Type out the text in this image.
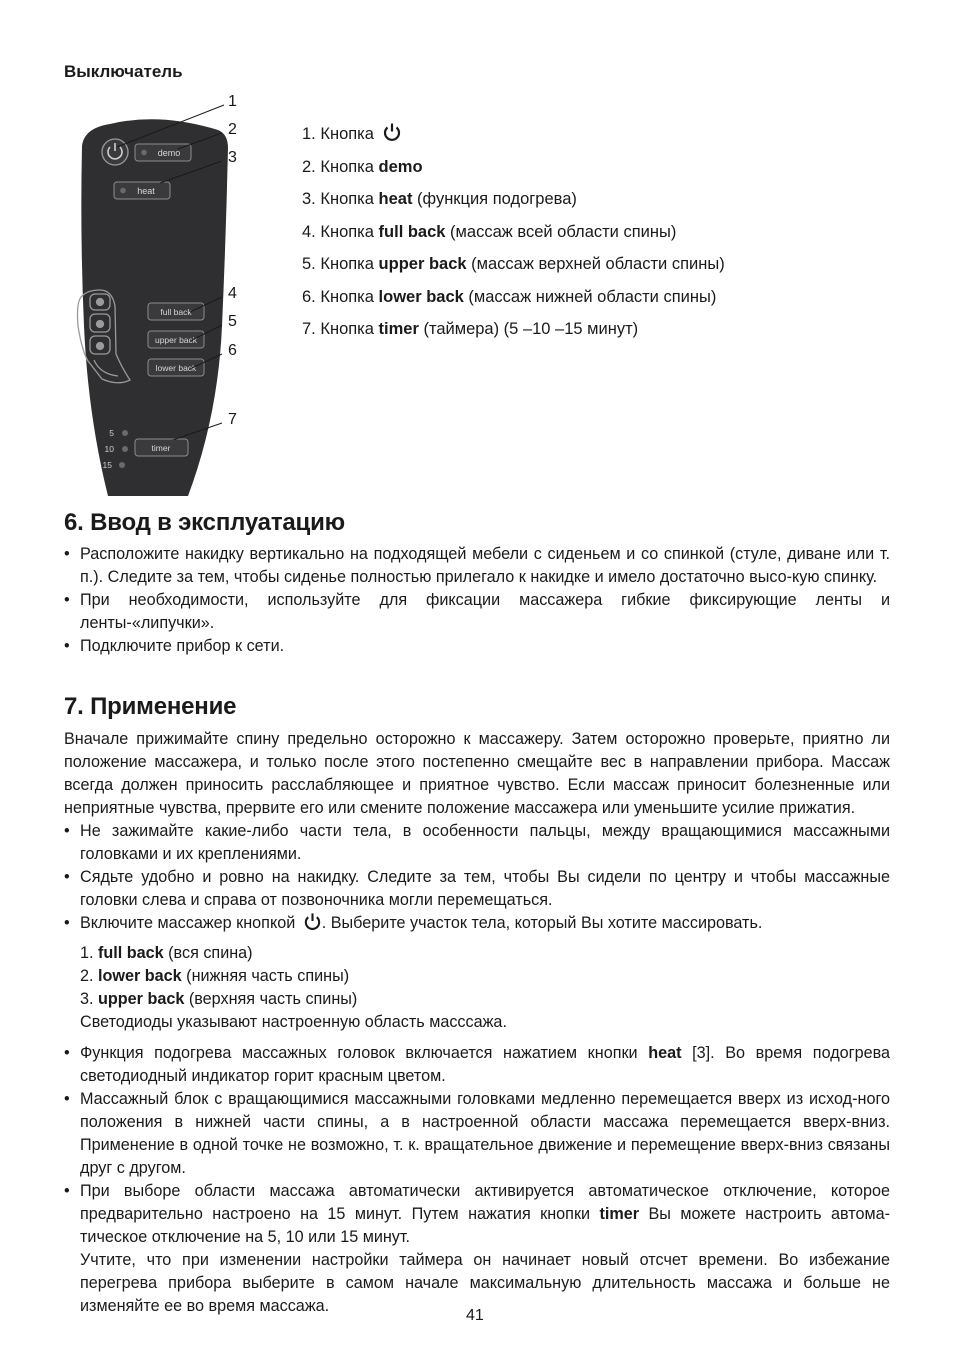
Выключатель
demo
heat
full back
upper back
lower back
5
10
15
timer
1
2
3
4
5
6
7
1. Кнопка
2. Кнопка demo
3. Кнопка heat (функция подогрева)
4. Кнопка full back (массаж всей области спины)
5. Кнопка upper back (массаж верхней области спины)
6. Кнопка lower back (массаж нижней области спины)
7. Кнопка timer (таймера) (5 –10 –15 минут)
6. Ввод в эксплуатацию
• Расположите накидку вертикально на подходящей мебели с сиденьем и со спинкой (стуле, диване или т. п.). Следите за тем, чтобы сиденье полностью прилегало к накидке и имело достаточно высо-кую спинку.
• При необходимости, используйте для фиксации массажера гибкие фиксирующие ленты и ленты-«липучки».
• Подключите прибор к сети.
7. Применение
Вначале прижимайте спину предельно осторожно к массажеру. Затем осторожно проверьте, приятно ли положение массажера, и только после этого постепенно смещайте вес в направлении прибора. Массаж всегда должен приносить расслабляющее и приятное чувство. Если массаж приносит болезненные или неприятные чувства, прервите его или смените положение массажера или уменьшите усилие прижатия.
• Не зажимайте какие-либо части тела, в особенности пальцы, между вращающимися массажными головками и их креплениями.
• Сядьте удобно и ровно на накидку. Следите за тем, чтобы Вы сидели по центру и чтобы массажные головки слева и справа от позвоночника могли перемещаться.
• Включите массажер кнопкой . Выберите участок тела, который Вы хотите массировать.
1. full back (вся спина)
2. lower back (нижняя часть спины)
3. upper back (верхняя часть спины)
Светодиоды указывают настроенную область масссажа.
• Функция подогрева массажных головок включается нажатием кнопки heat [3]. Во время подогрева светодиодный индикатор горит красным цветом.
• Массажный блок с вращающимися массажными головками медленно перемещается вверх из исход-ного положения в нижней части спины, а в настроенной области массажа перемещается вверх-вниз. Применение в одной точке не возможно, т. к. вращательное движение и перемещение вверх-вниз связаны друг с другом.
• При выборе области массажа автоматически активируется автоматическое отключение, которое предварительно настроено на 15 минут. Путем нажатия кнопки timer Вы можете настроить автома-тическое отключение на 5, 10 или 15 минут.
Учтите, что при изменении настройки таймера он начинает новый отсчет времени. Во избежание перегрева прибора выберите в самом начале максимальную длительность массажа и больше не изменяйте ее во время массажа.
41
